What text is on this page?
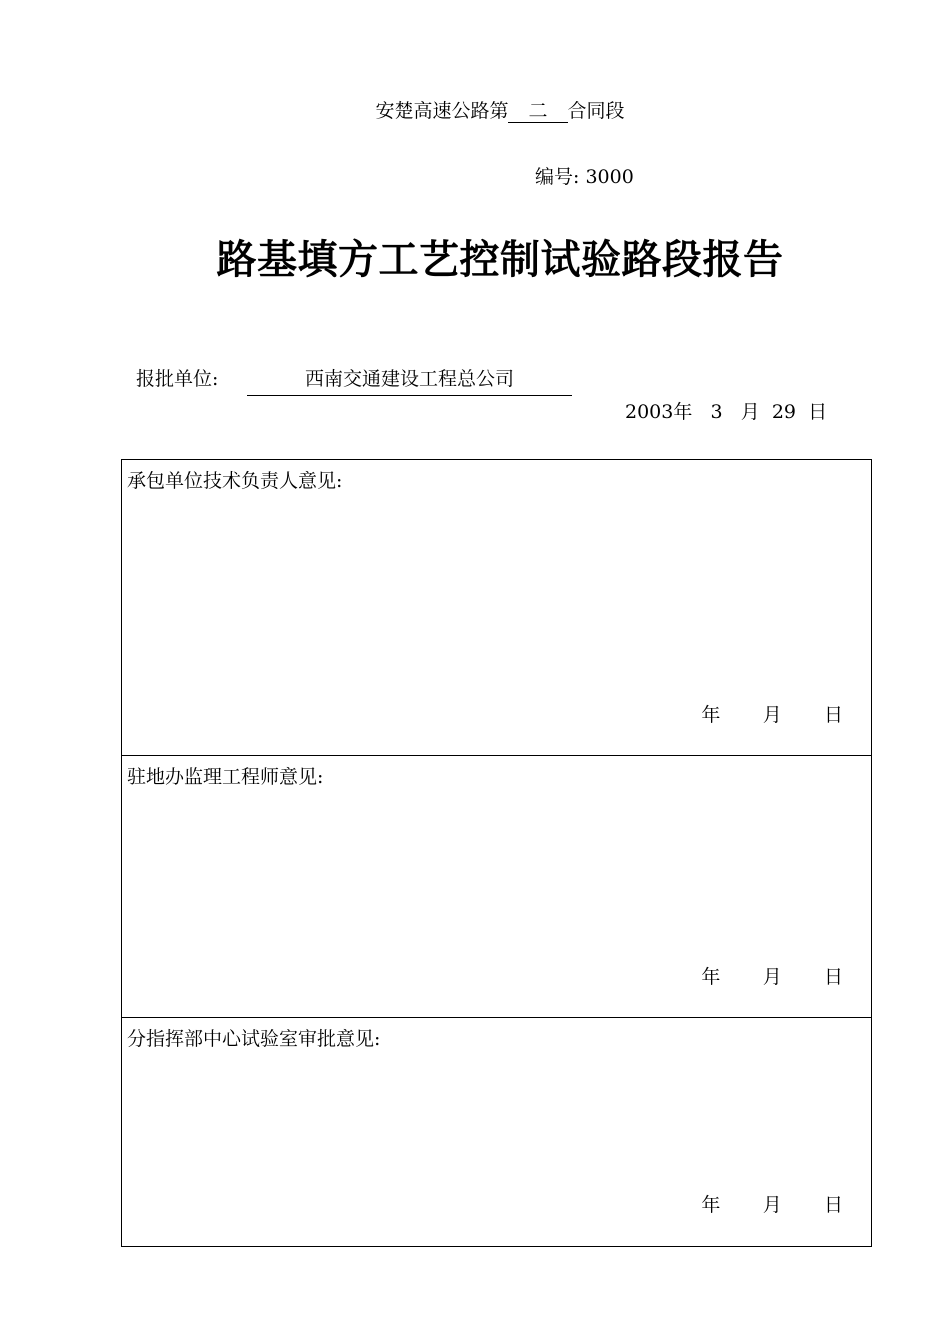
安楚高速公路第 二 合同段
编号: 3000
路基填方工艺控制试验路段报告
报批单位:	西南交通建设工程总公司
2003年 3 月 29 日
承包单位技术负责人意见:
年 月 日
驻地办监理工程师意见:
年 月 日
分指挥部中心试验室审批意见:
年 月 日
